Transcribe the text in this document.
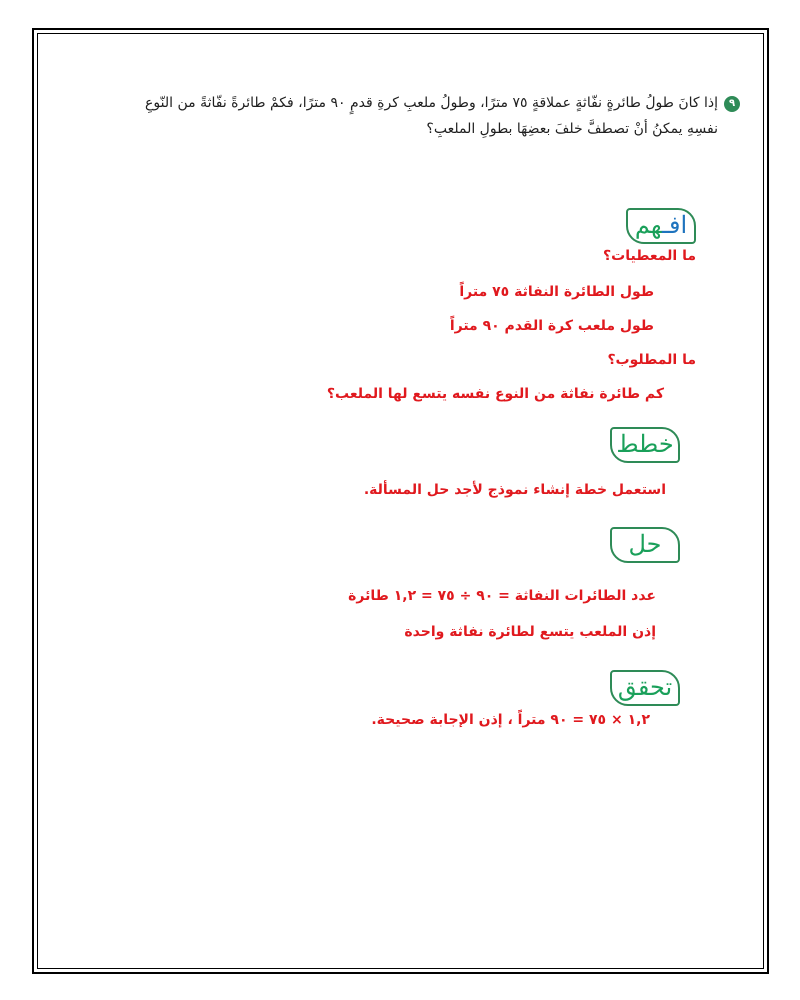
٩

إذا كانَ طولُ طائرةٍ نفّاثةٍ عملاقةٍ ٧٥ مترًا، وطولُ ملعبِ كرةِ قدمٍ ٩٠ مترًا، فكمْ طائرةً نفّاثةً من النّوعِ

نفسِهِ يمكنُ أنْ تصطفَّ خلفَ بعضِهَا بطولِ الملعبِ؟

افـهم
ما المعطيات؟
طول الطائرة النفاثة ٧٥ متراً
طول ملعب كرة القدم ٩٠ متراً
ما المطلوب؟
كم طائرة نفاثة من النوع نفسه يتسع لها الملعب؟
خطط
استعمل خطة إنشاء نموذج لأجد حل المسألة.
حل
عدد الطائرات النفاثة = ٩٠ ÷ ٧٥ = ١,٢ طائرة
إذن الملعب يتسع لطائرة نفاثة واحدة
تحقق
١,٢ × ٧٥ = ٩٠ متراً ، إذن الإجابة صحيحة.
